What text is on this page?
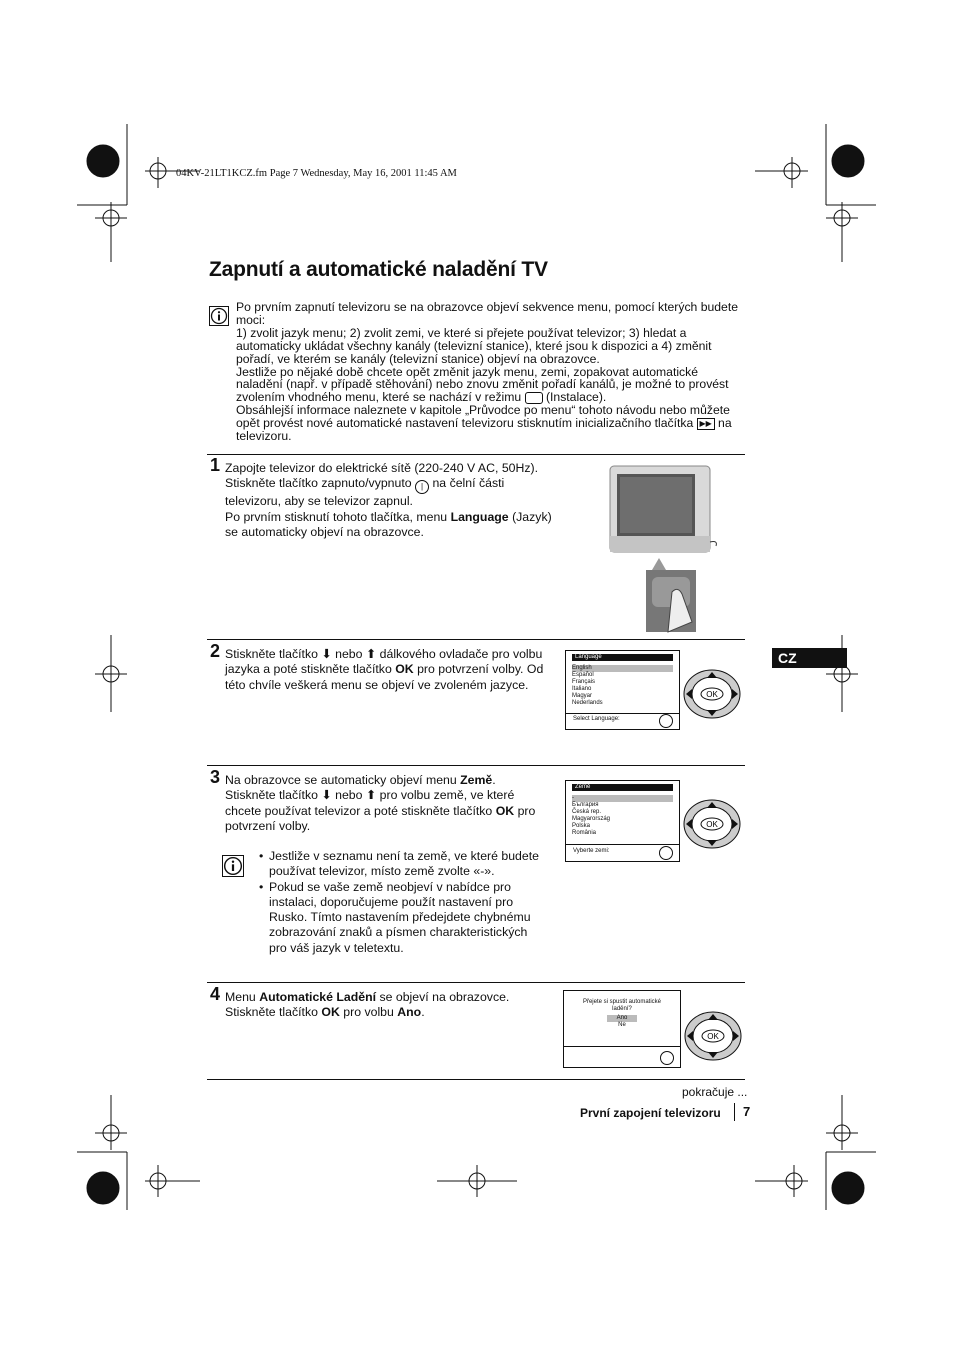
04KV-21LT1KCZ.fm Page 7 Wednesday, May 16, 2001 11:45 AM
Zapnutí a automatické naladění TV

Po prvním zapnutí televizoru se na obrazovce objeví sekvence menu, pomocí kterých budete moci:

1) zvolit jazyk menu; 2) zvolit zemi, ve které si přejete používat televizor; 3) hledat a automaticky ukládat všechny kanály (televizní stanice), které jsou k dispozici a 4) změnit pořadí, ve kterém se kanály (televizní stanice) objeví na obrazovce.

Jestliže po nějaké době chcete opět změnit jazyk menu, zemi, zopakovat automatické naladění (např. v případě stěhování) nebo znovu změnit pořadí kanálů, je možné to provést zvolením vhodného menu, které se nachází v režimu (Instalace).

Obsáhlejší informace naleznete v kapitole „Průvodce po menu“ tohoto návodu nebo můžete opět provést nové automatické nastavení televizoru stisknutím inicializačního tlačítka ▶▶ na televizoru.

CZ
1 Zapojte televizor do elektrické sítě (220-240 V AC, 50Hz).

Stiskněte tlačítko zapnuto/vypnuto | na čelní části televizoru, aby se televizor zapnul.

Po prvním stisknutí tohoto tlačítka, menu Language (Jazyk) se automaticky objeví na obrazovce.

2 Stiskněte tlačítko ⬇ nebo ⬆ dálkového ovladače pro volbu jazyka a poté stiskněte tlačítko OK pro potvrzení volby. Od této chvíle veškerá menu se objeví ve zvoleném jazyce.

Language
English
Español
Français
Italiano
Magyar
Nederlands
Select Language:
OK
3 Na obrazovce se automaticky objeví menu Země.

Stiskněte tlačítko ⬇ nebo ⬆ pro volbu země, ve které chcete používat televizor a poté stiskněte tlačítko OK pro potvrzení volby.

• Jestliže v seznamu není ta země, ve které budete používat televizor, místo země zvolte «-».
• Pokud se vaše země neobjeví v nabídce pro instalaci, doporučujeme použít nastavení pro Rusko. Tímto nastavením předejdete chybnému zobrazování znaků a písmen charakteristických pro váš jazyk v teletextu.
Země
-
България
Česká rep.
Magyarország
Polska
România
Vyberte zemi:
OK
4 Menu Automatické Ladění se objeví na obrazovce. Stiskněte tlačítko OK pro volbu Ano.

Přejete si spustit automatické ladění?
Ano
Ne
OK
pokračuje ...
První zapojení televizoru 7
